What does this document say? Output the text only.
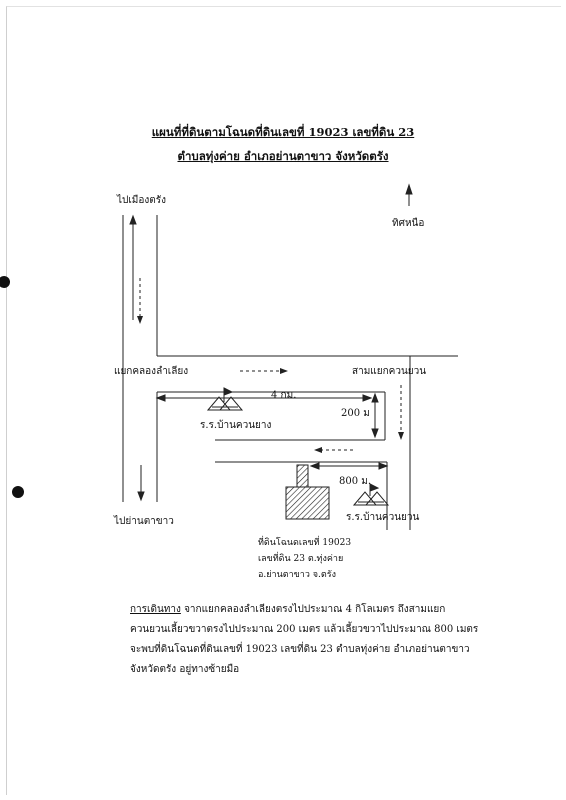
แผนที่ที่ดินตามโฉนดที่ดินเลขที่ 19023 เลขที่ดิน 23
ตำบลทุ่งค่าย อำเภอย่านตาขาว จังหวัดตรัง
ไปเมืองตรัง
ทิศหนือ
แยกคลองลำเลียง	สามแยกควนยวน
4 กม.
200 ม
ร.ร.บ้านควนยาง
800 ม.
ร.ร.บ้านควนยวน
ไปย่านตาขาว
ที่ดินโฉนดเลขที่ 19023
เลขที่ดิน 23 ต.ทุ่งค่าย
อ.ย่านตาขาว จ.ตรัง

การเดินทาง จากแยกคลองลำเลียงตรงไปประมาณ 4 กิโลเมตร ถึงสามแยก

ควนยวนเลี้ยวขวาตรงไปประมาณ 200 เมตร แล้วเลี้ยวขวาไปประมาณ 800 เมตร

จะพบที่ดินโฉนดที่ดินเลขที่ 19023 เลขที่ดิน 23 ตำบลทุ่งค่าย อำเภอย่านตาขาว

จังหวัดตรัง อยู่ทางซ้ายมือ
